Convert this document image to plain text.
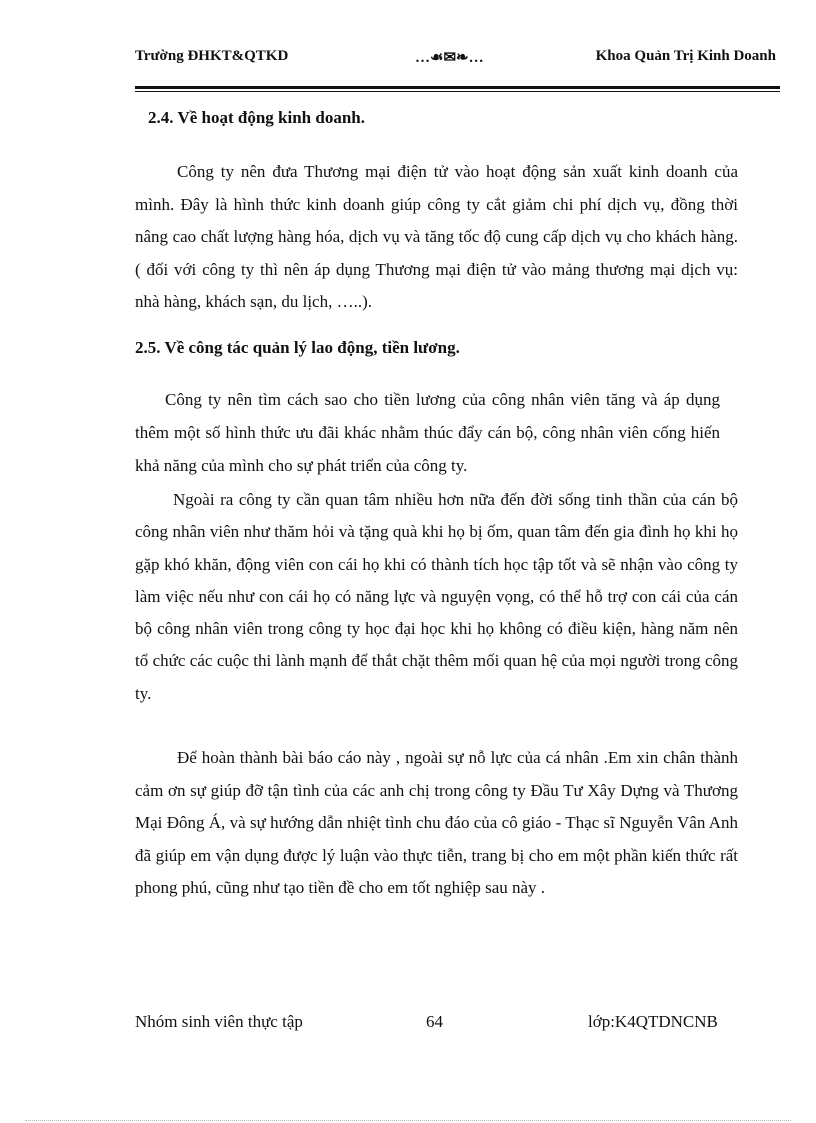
Trường ĐHKT&QTKD	…☙✉❧…	Khoa Quản Trị Kinh Doanh
2.4. Về hoạt động kinh doanh.

Công ty nên đưa Thương mại điện tử vào hoạt động sản xuất kinh doanh của mình. Đây là hình thức kinh doanh giúp công ty cắt giảm chi phí dịch vụ, đồng thời nâng cao chất lượng hàng hóa, dịch vụ và tăng tốc độ cung cấp dịch vụ cho khách hàng.( đối với công ty thì nên áp dụng Thương mại điện tử vào mảng thương mại dịch vụ: nhà hàng, khách sạn, du lịch, …..).

2.5. Về công tác quản lý lao động, tiền lương.

Công ty nên tìm cách sao cho tiền lương của công nhân viên tăng và áp dụng thêm một số hình thức ưu đãi khác nhằm thúc đẩy cán bộ, công nhân viên cống hiến khả năng của mình cho sự phát triển của công ty.

Ngoài ra công ty cần quan tâm nhiều hơn nữa đến đời sống tinh thần của cán bộ công nhân viên như thăm hỏi và tặng quà khi họ bị ốm, quan tâm đến gia đình họ khi họ gặp khó khăn, động viên con cái họ khi có thành tích học tập tốt và sẽ nhận vào công ty làm việc nếu như con cái họ có năng lực và nguyện vọng, có thể hỗ trợ con cái của cán bộ công nhân viên trong công ty học đại học khi họ không có điều kiện, hàng năm nên tổ chức các cuộc thi lành mạnh để thắt chặt thêm mối quan hệ của mọi người trong công ty.

Để hoàn thành bài báo cáo này , ngoài sự nỗ lực của cá nhân .Em xin chân thành cảm ơn sự giúp đỡ tận tình của các anh chị trong công ty Đầu Tư Xây Dựng và Thương Mại Đông Á, và sự hướng dẫn nhiệt tình chu đáo của cô giáo - Thạc sĩ Nguyễn Vân Anh đã giúp em vận dụng được lý luận vào thực tiễn, trang bị cho em một phần kiến thức rất phong phú, cũng như tạo tiền đề cho em tốt nghiệp sau này .

Nhóm sinh viên thực tập	64	lớp:K4QTDNCNB
